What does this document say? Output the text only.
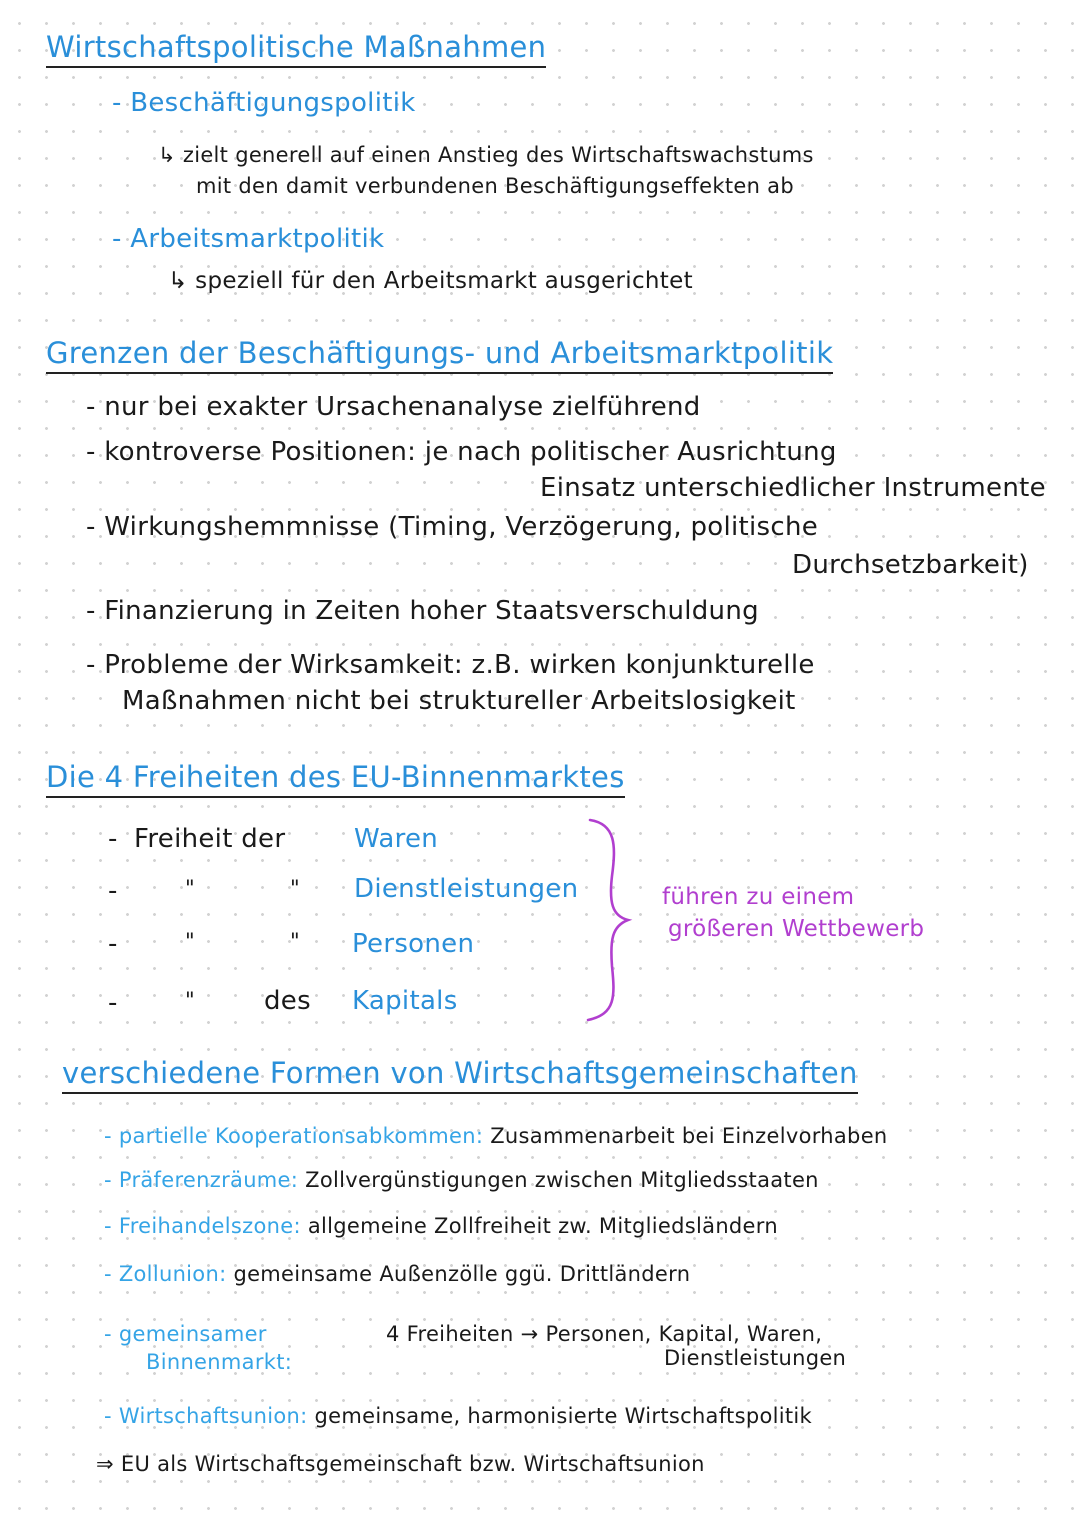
Wirtschaftspolitische Maßnahmen
- Beschäftigungspolitik
↳ zielt generell auf einen Anstieg des Wirtschaftswachstums
mit den damit verbundenen Beschäftigungseffekten ab
- Arbeitsmarktpolitik
↳ speziell für den Arbeitsmarkt ausgerichtet
Grenzen der Beschäftigungs- und Arbeitsmarktpolitik
- nur bei exakter Ursachenanalyse zielführend
- kontroverse Positionen: je nach politischer Ausrichtung
Einsatz unterschiedlicher Instrumente
- Wirkungshemmnisse (Timing, Verzögerung, politische
Durchsetzbarkeit)
- Finanzierung in Zeiten hoher Staatsverschuldung
- Probleme der Wirksamkeit: z.B. wirken konjunkturelle
Maßnahmen nicht bei struktureller Arbeitslosigkeit
Die 4 Freiheiten des EU-Binnenmarktes
- Freiheit der	Waren
-	"	" Dienstleistungen
-	"	" Personen
-	"	des Kapitals
führen zu einem
größeren Wettbewerb
verschiedene Formen von Wirtschaftsgemeinschaften
- partielle Kooperationsabkommen: Zusammenarbeit bei Einzelvorhaben
- Präferenzräume: Zollvergünstigungen zwischen Mitgliedsstaaten
- Freihandelszone: allgemeine Zollfreiheit zw. Mitgliedsländern
- Zollunion: gemeinsame Außenzölle ggü. Drittländern
- gemeinsamer
Binnenmarkt:
4 Freiheiten → Personen, Kapital, Waren,
Dienstleistungen
- Wirtschaftsunion: gemeinsame, harmonisierte Wirtschaftspolitik
⇒ EU als Wirtschaftsgemeinschaft bzw. Wirtschaftsunion
